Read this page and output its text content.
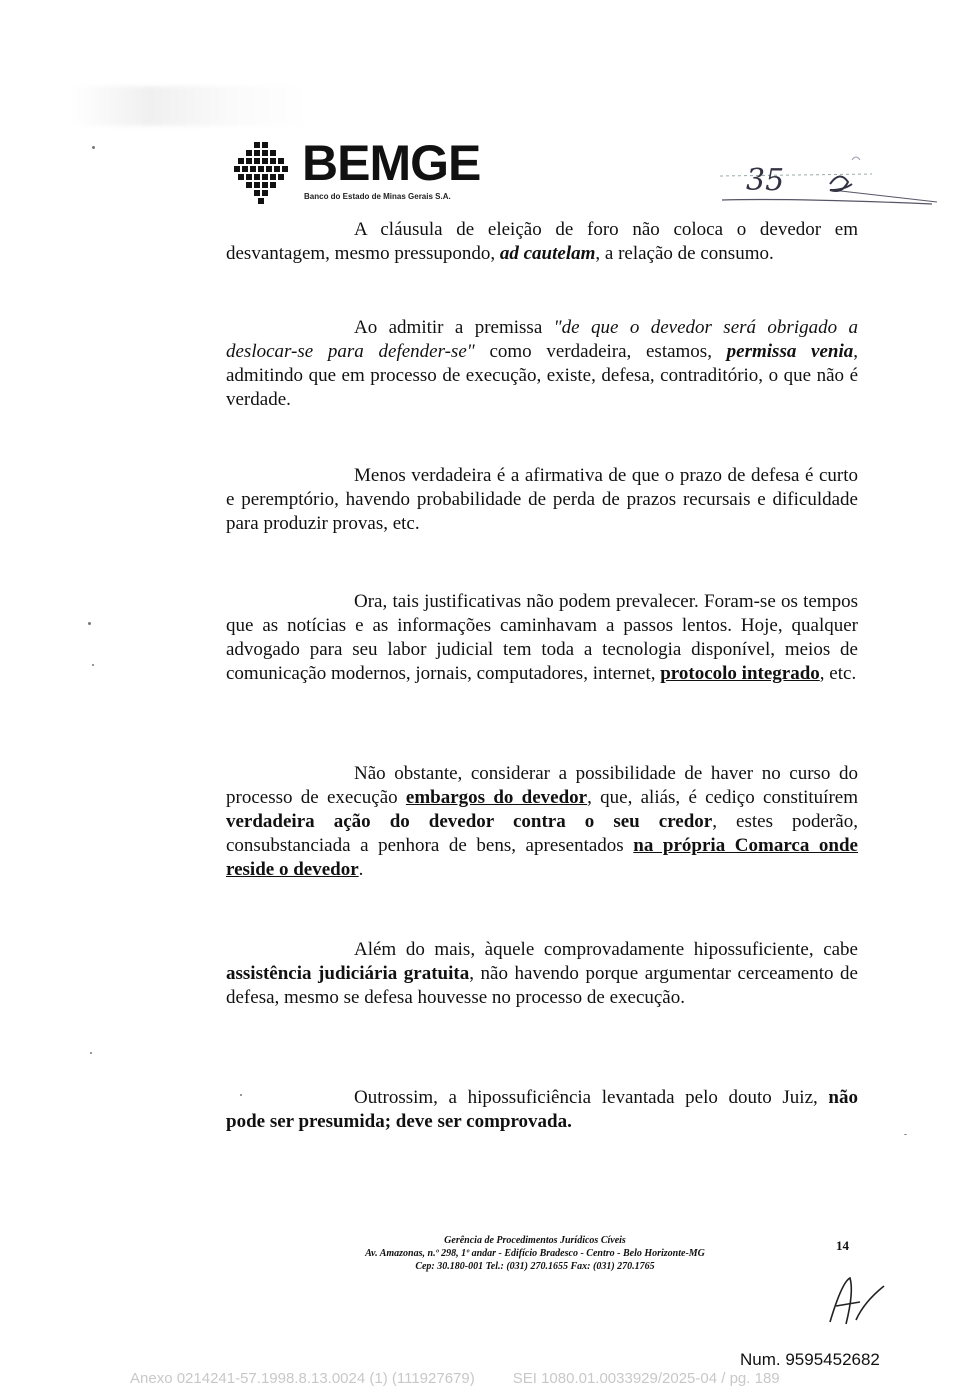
BEMGE
Banco do Estado de Minas Gerais S.A.	35

A cláusula de eleição de foro não coloca o devedor em desvantagem, mesmo pressupondo, ad cautelam, a relação de consumo.

Ao admitir a premissa "de que o devedor será obrigado a deslocar-se para defender-se" como verdadeira, estamos, permissa venia, admitindo que em processo de execução, existe, defesa, contraditório, o que não é verdade.

Menos verdadeira é a afirmativa de que o prazo de defesa é curto e peremptório, havendo probabilidade de perda de prazos recursais e dificuldade para produzir provas, etc.

Ora, tais justificativas não podem prevalecer. Foram-se os tempos que as notícias e as informações caminhavam a passos lentos. Hoje, qualquer advogado para seu labor judicial tem toda a tecnologia disponível, meios de comunicação modernos, jornais, computadores, internet, protocolo integrado, etc.

Não obstante, considerar a possibilidade de haver no curso do processo de execução embargos do devedor, que, aliás, é cediço constituírem verdadeira ação do devedor contra o seu credor, estes poderão, consubstanciada a penhora de bens, apresentados na própria Comarca onde reside o devedor.

Além do mais, àquele comprovadamente hipossuficiente, cabe assistência judiciária gratuita, não havendo porque argumentar cerceamento de defesa, mesmo se defesa houvesse no processo de execução.

Outrossim, a hipossuficiência levantada pelo douto Juiz, não pode ser presumida; deve ser comprovada.

Gerência de Procedimentos Jurídicos Cíveis
Av. Amazonas, n.º 298, 1º andar - Edifício Bradesco - Centro - Belo Horizonte-MG
Cep: 30.180-001 Tel.: (031) 270.1655 Fax: (031) 270.1765
14
Num. 9595452682
Anexo 0214241-57.1998.8.13.0024 (1) (111927679)	SEI 1080.01.0033929/2025-04 / pg. 189
